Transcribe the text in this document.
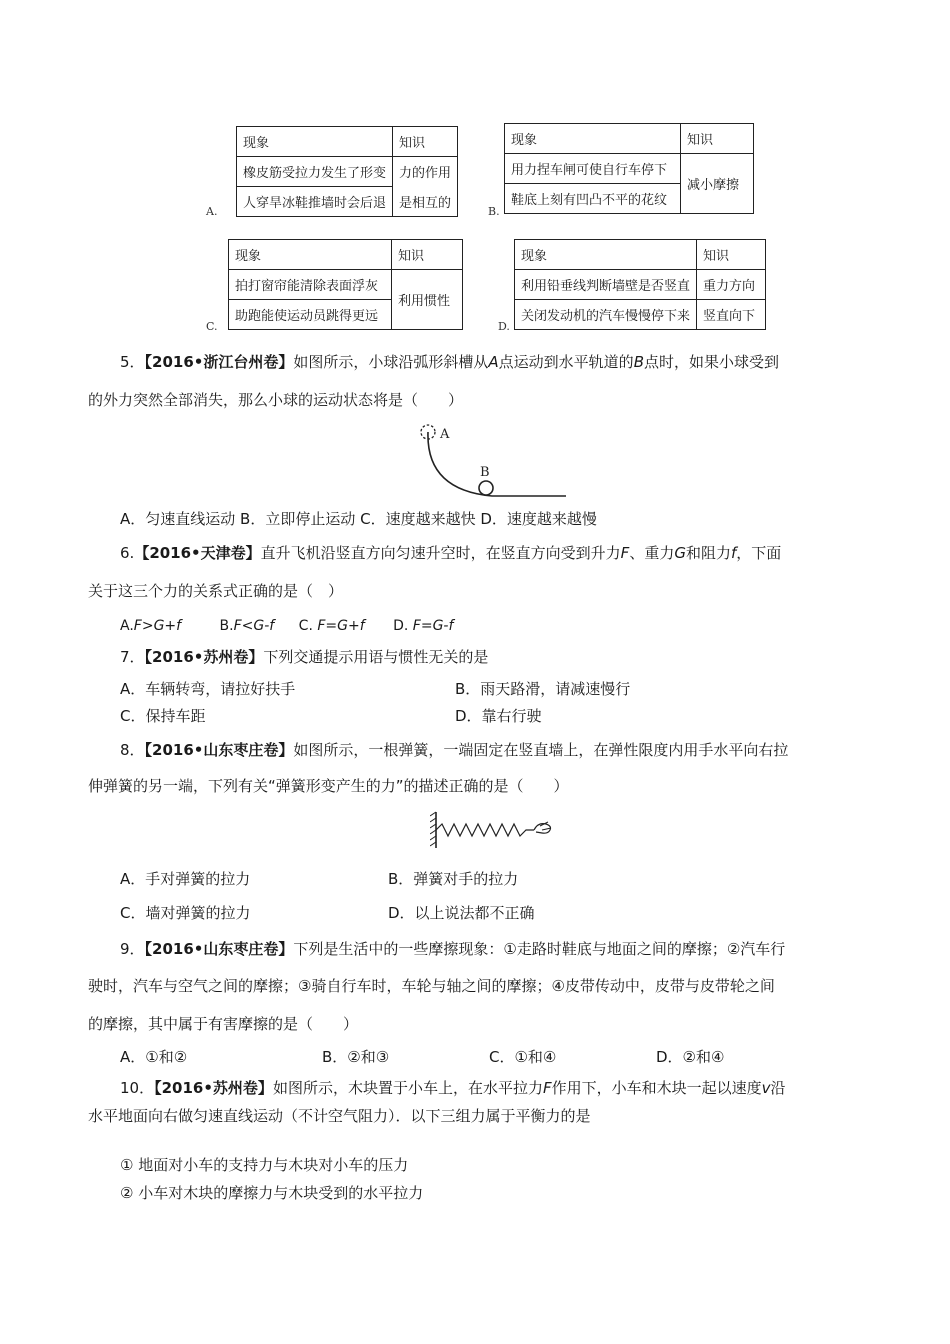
A.
现象	知识
橡皮筋受拉力发生了形变	力的作用
人穿旱冰鞋推墙时会后退	是相互的
B.
现象	知识
用力捏车闸可使自行车停下	减小摩擦
鞋底上刻有凹凸不平的花纹	
C.
现象	知识
拍打窗帘能清除表面浮灰	利用惯性
助跑能使运动员跳得更远	
D.
现象	知识
利用铅垂线判断墙壁是否竖直	重力方向
关闭发动机的汽车慢慢停下来	竖直向下
5．【2016•浙江台州卷】如图所示，小球沿弧形斜槽从A点运动到水平轨道的B点时，如果小球受到
的外力突然全部消失，那么小球的运动状态将是（　　）
A
B
A．匀速直线运动 B．立即停止运动 C．速度越来越快 D．速度越来越慢
6.【2016•天津卷】直升飞机沿竖直方向匀速升空时，在竖直方向受到升力F、重力G和阻力f，下面
关于这三个力的关系式正确的是（　）
A.F>G+f	B.F<G-f C. F=G+f D. F=G-f
7．【2016•苏州卷】下列交通提示用语与惯性无关的是
A．车辆转弯，请拉好扶手	B．雨天路滑，请减速慢行
C．保持车距	D．靠右行驶
8．【2016•山东枣庄卷】如图所示，一根弹簧，一端固定在竖直墙上，在弹性限度内用手水平向右拉
伸弹簧的另一端，下列有关“弹簧形变产生的力”的描述正确的是（　　）
A．手对弹簧的拉力	B．弹簧对手的拉力
C．墙对弹簧的拉力	D．以上说法都不正确
9．【2016•山东枣庄卷】下列是生活中的一些摩擦现象：①走路时鞋底与地面之间的摩擦；②汽车行
驶时，汽车与空气之间的摩擦；③骑自行车时，车轮与轴之间的摩擦；④皮带传动中，皮带与皮带轮之间
的摩擦，其中属于有害摩擦的是（　　）
A．①和②	B．②和③	C．①和④	D．②和④
10．【2016•苏州卷】如图所示，木块置于小车上，在水平拉力F作用下，小车和木块一起以速度v沿
水平地面向右做匀速直线运动（不计空气阻力）．以下三组力属于平衡力的是
① 地面对小车的支持力与木块对小车的压力
② 小车对木块的摩擦力与木块受到的水平拉力
